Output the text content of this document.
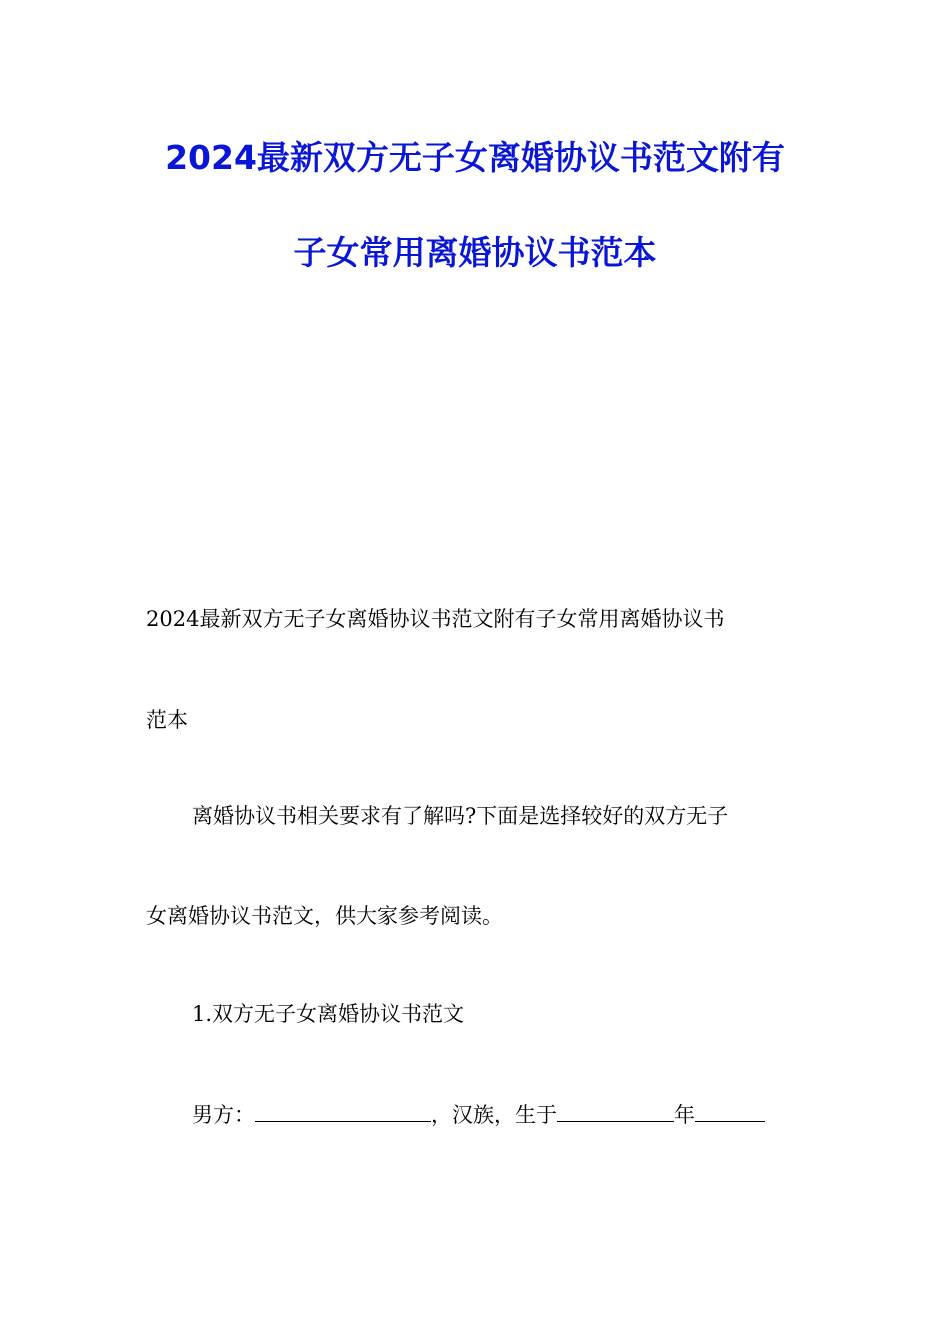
2024最新双方无子女离婚协议书范文附有
子女常用离婚协议书范本
2024最新双方无子女离婚协议书范文附有子女常用离婚协议书
范本
离婚协议书相关要求有了解吗?下面是选择较好的双方无子
女离婚协议书范文，供大家参考阅读。
1.双方无子女离婚协议书范文
男方：	，汉族，生于	年
